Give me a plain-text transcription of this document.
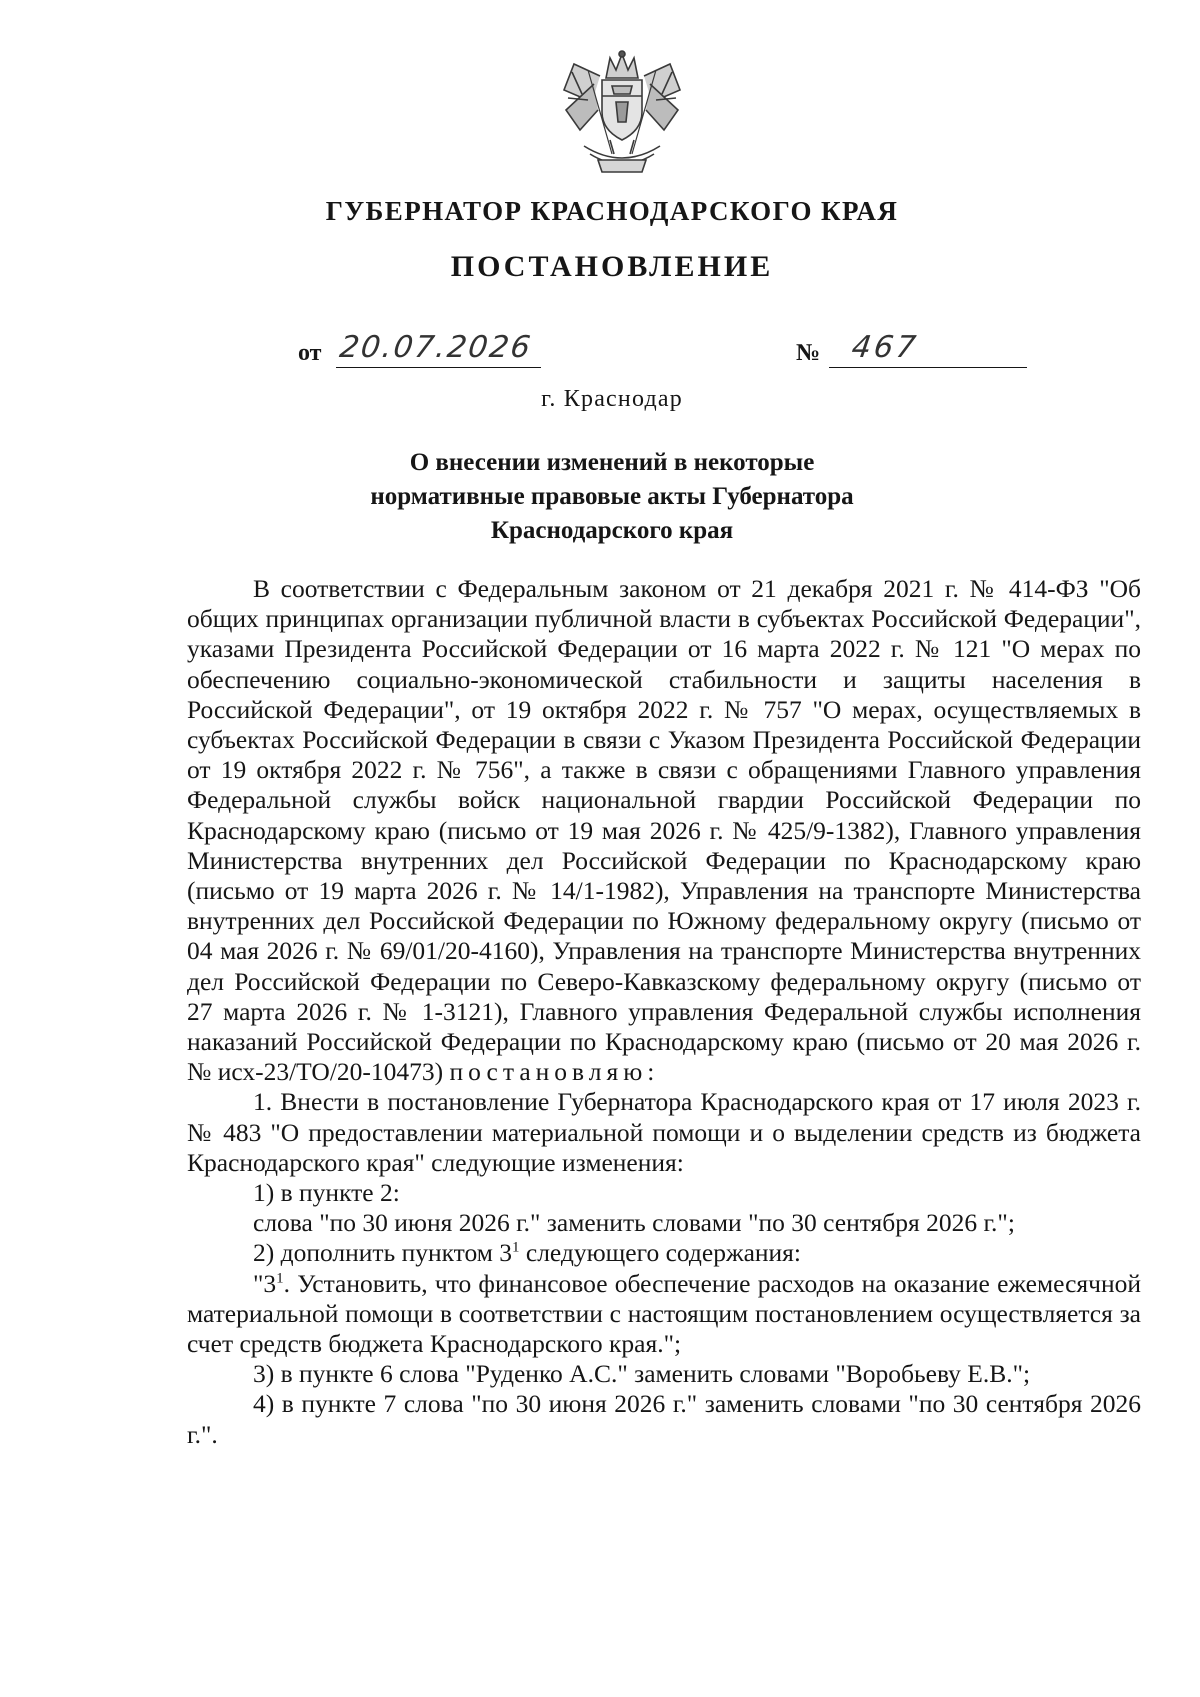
ГУБЕРНАТОР КРАСНОДАРСКОГО КРАЯ
ПОСТАНОВЛЕНИЕ
от 20.07.2026	№ 467
г. Краснодар
О внесении изменений в некоторые
нормативные правовые акты Губернатора
Краснодарского края

В соответствии с Федеральным законом от 21 декабря 2021 г. № 414-ФЗ "Об общих принципах организации публичной власти в субъектах Российской Федерации", указами Президента Российской Федерации от 16 марта 2022 г. № 121 "О мерах по обеспечению социально-экономической стабильности и защиты населения в Российской Федерации", от 19 октября 2022 г. № 757 "О мерах, осуществляемых в субъектах Российской Федерации в связи с Указом Президента Российской Федерации от 19 октября 2022 г. № 756", а также в связи с обращениями Главного управления Федеральной службы войск национальной гвардии Российской Федерации по Краснодарскому краю (письмо от 19 мая 2026 г. № 425/9-1382), Главного управления Министерства внутренних дел Российской Федерации по Краснодарскому краю (письмо от 19 марта 2026 г. № 14/1-1982), Управления на транспорте Министерства внутренних дел Российской Федерации по Южному федеральному округу (письмо от 04 мая 2026 г. № 69/01/20-4160), Управления на транспорте Министерства внутренних дел Российской Федерации по Северо-Кавказскому федеральному округу (письмо от 27 марта 2026 г. № 1-3121), Главного управления Федеральной службы исполнения наказаний Российской Федерации по Краснодарскому краю (письмо от 20 мая 2026 г. № исх-23/ТО/20-10473) постановляю:

1. Внести в постановление Губернатора Краснодарского края от 17 июля 2023 г. № 483 "О предоставлении материальной помощи и о выделении средств из бюджета Краснодарского края" следующие изменения:

1) в пункте 2:

слова "по 30 июня 2026 г." заменить словами "по 30 сентября 2026 г.";

2) дополнить пунктом $3^1$ следующего содержания:

"$3^1$. Установить, что финансовое обеспечение расходов на оказание ежемесячной материальной помощи в соответствии с настоящим постановлением осуществляется за счет средств бюджета Краснодарского края.";

3) в пункте 6 слова "Руденко А.С." заменить словами "Воробьеву Е.В.";

4) в пункте 7 слова "по 30 июня 2026 г." заменить словами "по 30 сентября 2026 г.".
